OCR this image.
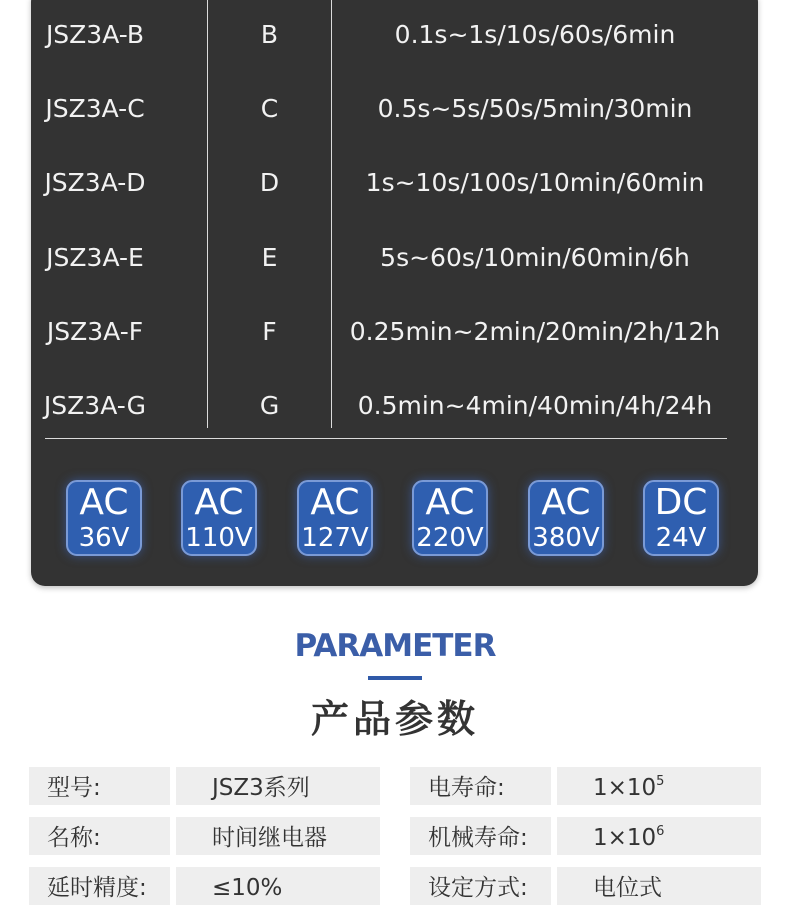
JSZ3A-B	B	0.1s~1s/10s/60s/6min
JSZ3A-C	C	0.5s~5s/50s/5min/30min
JSZ3A-D	D	1s~10s/100s/10min/60min
JSZ3A-E	E	5s~60s/10min/60min/6h
JSZ3A-F	F	0.25min~2min/20min/2h/12h
JSZ3A-G	G	0.5min~4min/40min/4h/24h
AC
36V
AC
110V
AC
127V
AC
220V
AC
380V
DC
24V
PARAMETER
产品参数
型号:	JSZ3系列	电寿命:	$1\times 10^5$
名称:	时间继电器	机械寿命:	$1\times 10^6$
延时精度:	≤10%	设定方式:	电位式
